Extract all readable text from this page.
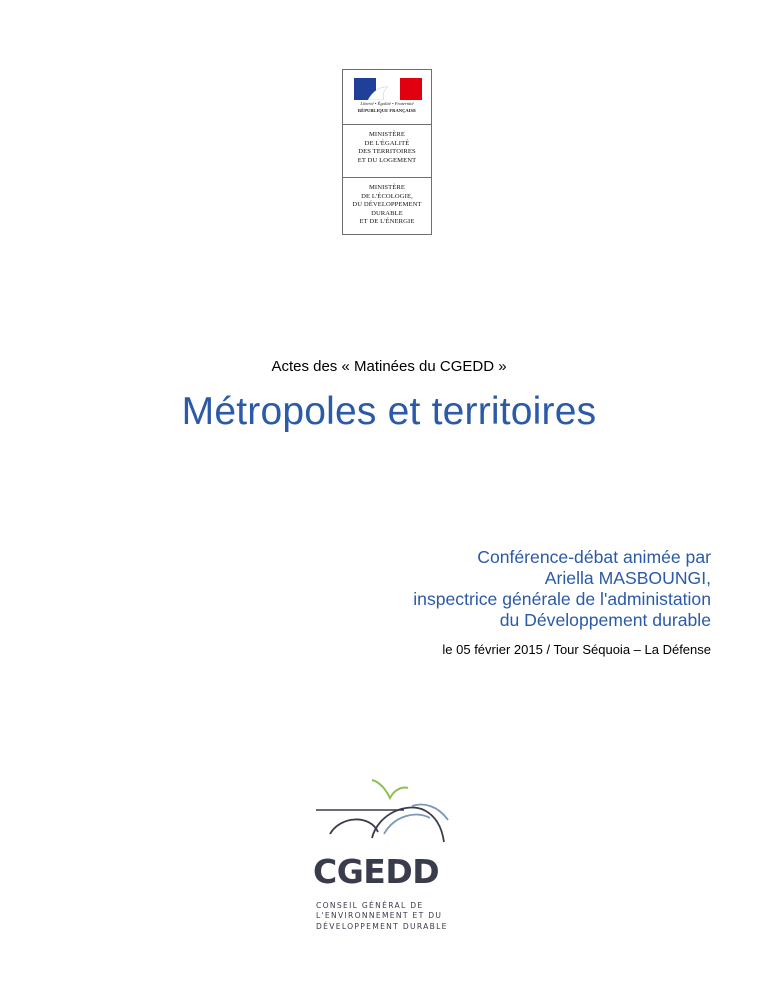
Liberté • Égalité • Fraternité
RÉPUBLIQUE FRANÇAISE
MINISTÈRE
DE L'ÉGALITÉ
DES TERRITOIRES
ET DU LOGEMENT
MINISTÈRE
DE L'ÉCOLOGIE,
DU DÉVELOPPEMENT
DURABLE
ET DE L'ÉNERGIE
Actes des « Matinées du CGEDD »
Métropoles et territoires
Conférence-débat animée par
Ariella MASBOUNGI,
inspectrice générale de l'administation
du Développement durable
le 05 février 2015 / Tour Séquoia – La Défense
CGEDD
CONSEIL GÉNÉRAL DE
L'ENVIRONNEMENT ET DU
DÉVELOPPEMENT DURABLE
